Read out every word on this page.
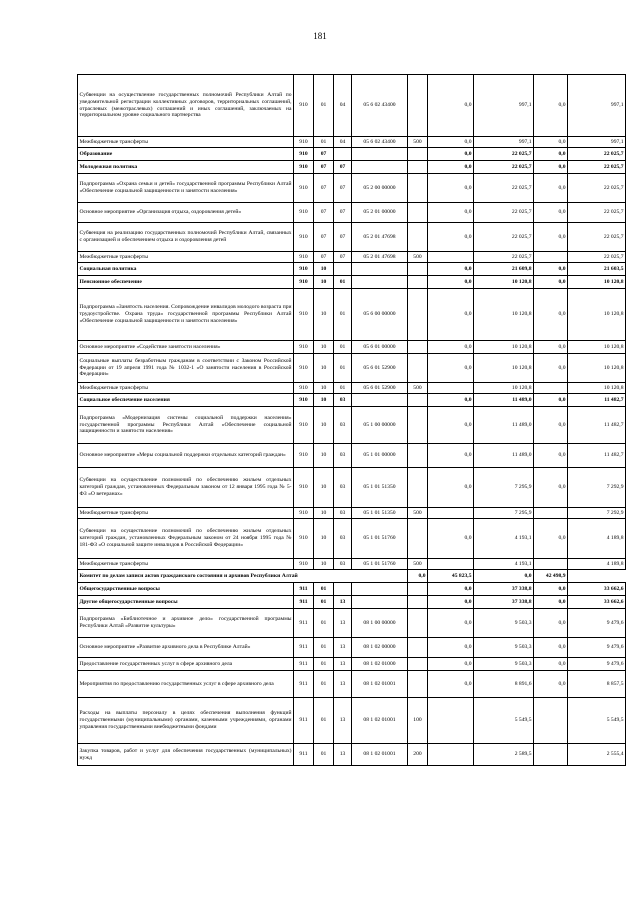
181
Субвенции на осуществление государственных полномочий Республики Алтай по уведомительной регистрации коллективных договоров, территориальных соглашений, отраслевых (межотраслевых) соглашений и иных соглашений, заключаемых на территориальном уровне социального партнерства	910	01	04	05 6 02 43400		0,0	997,1	0,0	997,1
Межбюджетные трансферты	910	01	04	05 6 02 43400	500	0,0	997,1	0,0	997,1
Образование	910	07				0,0	22 025,7	0,0	22 025,7
Молодежная политика	910	07	07			0,0	22 025,7	0,0	22 025,7
Подпрограмма «Охрана семьи и детей» государственной программы Республики Алтай «Обеспечение социальной защищенности и занятости населения»	910	07	07	05 2 00 00000		0,0	22 025,7	0,0	22 025,7
Основное мероприятие «Организация отдыха, оздоровления детей»	910	07	07	05 2 01 00000		0,0	22 025,7	0,0	22 025,7
Субвенция на реализацию государственных полномочий Республики Алтай, связанных с организацией и обеспечением отдыха и оздоровления детей	910	07	07	05 2 01 47698		0,0	22 025,7	0,0	22 025,7
Межбюджетные трансферты	910	07	07	05 2 01 47698	500		22 025,7		22 025,7
Социальная политика	910	10				0,0	21 609,8	0,0	21 603,5
Пенсионное обеспечение	910	10	01			0,0	10 120,8	0,0	10 120,8
Подпрограмма «Занятость населения. Сопровождение инвалидов молодого возраста при трудоустройстве. Охрана труда» государственной программы Республики Алтай «Обеспечение социальной защищенности и занятости населения»	910	10	01	05 6 00 00000		0,0	10 120,8	0,0	10 120,8
Основное мероприятие «Содействие занятости населения»	910	10	01	05 6 01 00000		0,0	10 120,8	0,0	10 120,8
Социальные выплаты безработным гражданам в соответствии с Законом Российской Федерации от 19 апреля 1991 года № 1032-1 «О занятости населения в Российской Федерации»	910	10	01	05 6 01 52900		0,0	10 120,8	0,0	10 120,8
Межбюджетные трансферты	910	10	01	05 6 01 52900	500		10 120,8		10 120,8
Социальное обеспечение населения	910	10	03			0,0	11 489,0	0,0	11 482,7
Подпрограмма «Модернизация системы социальной поддержки населения» государственной программы Республики Алтай «Обеспечение социальной защищенности и занятости населения»	910	10	03	05 1 00 00000		0,0	11 489,0	0,0	11 482,7
Основное мероприятие «Меры социальной поддержки отдельных категорий граждан»	910	10	03	05 1 01 00000		0,0	11 489,0	0,0	11 482,7
Субвенции на осуществление полномочий по обеспечению жильем отдельных категорий граждан, установленных Федеральным законом от 12 января 1995 года № 5-ФЗ «О ветеранах»	910	10	03	05 1 01 51350		0,0	7 295,9	0,0	7 292,9
Межбюджетные трансферты	910	10	03	05 1 01 51350	500		7 295,9		7 292,9
Субвенции на осуществление полномочий по обеспечению жильем отдельных категорий граждан, установленных Федеральным законом от 24 ноября 1995 года № 181-ФЗ «О социальной защите инвалидов в Российской Федерации»	910	10	03	05 1 01 51760		0,0	4 193,1	0,0	4 189,8
Межбюджетные трансферты	910	10	03	05 1 01 51760	500		4 193,1		4 189,8
Комитет по делам записи актов гражданского состояния и архивов Республики Алтай					0,0	45 823,5	0,0	42 498,9	
Общегосударственные вопросы	911	01				0,0	37 338,8	0,0	33 662,6
Другие общегосударственные вопросы	911	01	13			0,0	37 338,8	0,0	33 662,6
Подпрограмма «Библиотечное и архивное дело» государственной программы Республики Алтай «Развитие культуры»	911	01	13	08 1 00 00000		0,0	9 503,3	0,0	9 479,6
Основное мероприятие «Развитие архивного дела в Республике Алтай»	911	01	13	08 1 02 00000		0,0	9 503,3	0,0	9 479,6
Предоставление государственных услуг в сфере архивного дела	911	01	13	08 1 02 01000		0,0	9 503,3	0,0	9 479,6
Мероприятия по предоставлению государственных услуг в сфере архивного дела	911	01	13	08 1 02 01001		0,0	8 891,6	0,0	8 857,5
Расходы на выплаты персоналу в целях обеспечения выполнения функций государственными (муниципальными) органами, казенными учреждениями, органами управления государственными внебюджетными фондами	911	01	13	08 1 02 01001	100		5 549,5		5 549,5
Закупка товаров, работ и услуг для обеспечения государственных (муниципальных) нужд	911	01	13	08 1 02 01001	200		2 589,5		2 555,4
